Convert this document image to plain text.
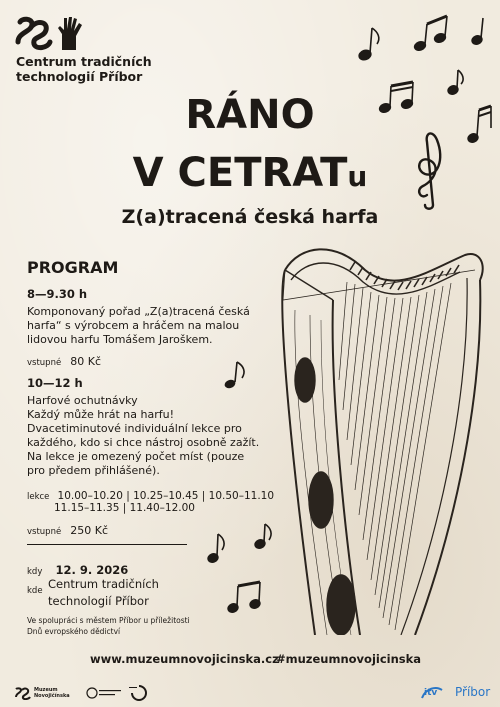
Centrum tradičních
technologií Příbor
RÁNO
V CETRATu
Z(a)tracená česká harfa
PROGRAM
8—9.30 h
Komponovaný pořad „Z(a)tracená česká
harfa“ s výrobcem a hráčem na malou
lidovou harfu Tomášem Jaroškem.
vstupné 80 Kč
10—12 h
Harfové ochutnávky
Každý může hrát na harfu!
Dvacetiminutové individuální lekce pro
každého, kdo si chce nástroj osobně zažít.
Na lekce je omezený počet míst (pouze
pro předem přihlášené).
lekce 10.00–10.20 | 10.25–10.45 | 10.50–11.10
11.15–11.35 | 11.40–12.00
vstupné 250 Kč
kdy 12. 9. 2026
kde Centrum tradičních
technologií Příbor
Ve spolupráci s městem Příbor u příležitosti
Dnů evropského dědictví
www.muzeumnovojicinska.cz
#muzeumnovojicinska
Muzeum
Novojičínska	itv Příbor
